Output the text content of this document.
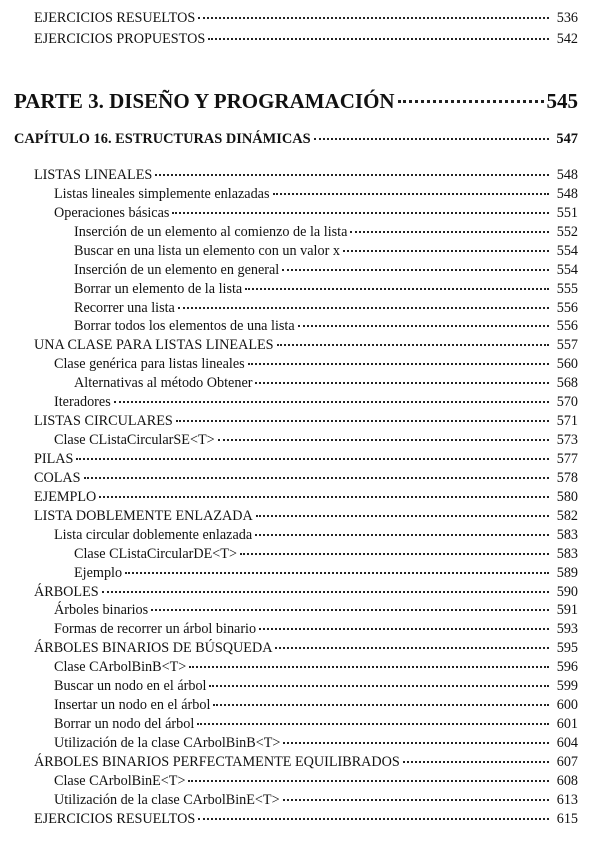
EJERCICIOS RESUELTOS	536
EJERCICIOS PROPUESTOS	542
PARTE 3. DISEÑO Y PROGRAMACIÓN	545
CAPÍTULO 16. ESTRUCTURAS DINÁMICAS	547
LISTAS LINEALES	548
Listas lineales simplemente enlazadas	548
Operaciones básicas	551
Inserción de un elemento al comienzo de la lista	552
Buscar en una lista un elemento con un valor x	554
Inserción de un elemento en general	554
Borrar un elemento de la lista	555
Recorrer una lista	556
Borrar todos los elementos de una lista	556
UNA CLASE PARA LISTAS LINEALES	557
Clase genérica para listas lineales	560
Alternativas al método Obtener	568
Iteradores	570
LISTAS CIRCULARES	571
Clase CListaCircularSE<T>	573
PILAS	577
COLAS	578
EJEMPLO	580
LISTA DOBLEMENTE ENLAZADA	582
Lista circular doblemente enlazada	583
Clase CListaCircularDE<T>	583
Ejemplo	589
ÁRBOLES	590
Árboles binarios	591
Formas de recorrer un árbol binario	593
ÁRBOLES BINARIOS DE BÚSQUEDA	595
Clase CArbolBinB<T>	596
Buscar un nodo en el árbol	599
Insertar un nodo en el árbol	600
Borrar un nodo del árbol	601
Utilización de la clase CArbolBinB<T>	604
ÁRBOLES BINARIOS PERFECTAMENTE EQUILIBRADOS	607
Clase CArbolBinE<T>	608
Utilización de la clase CArbolBinE<T>	613
EJERCICIOS RESUELTOS	615
